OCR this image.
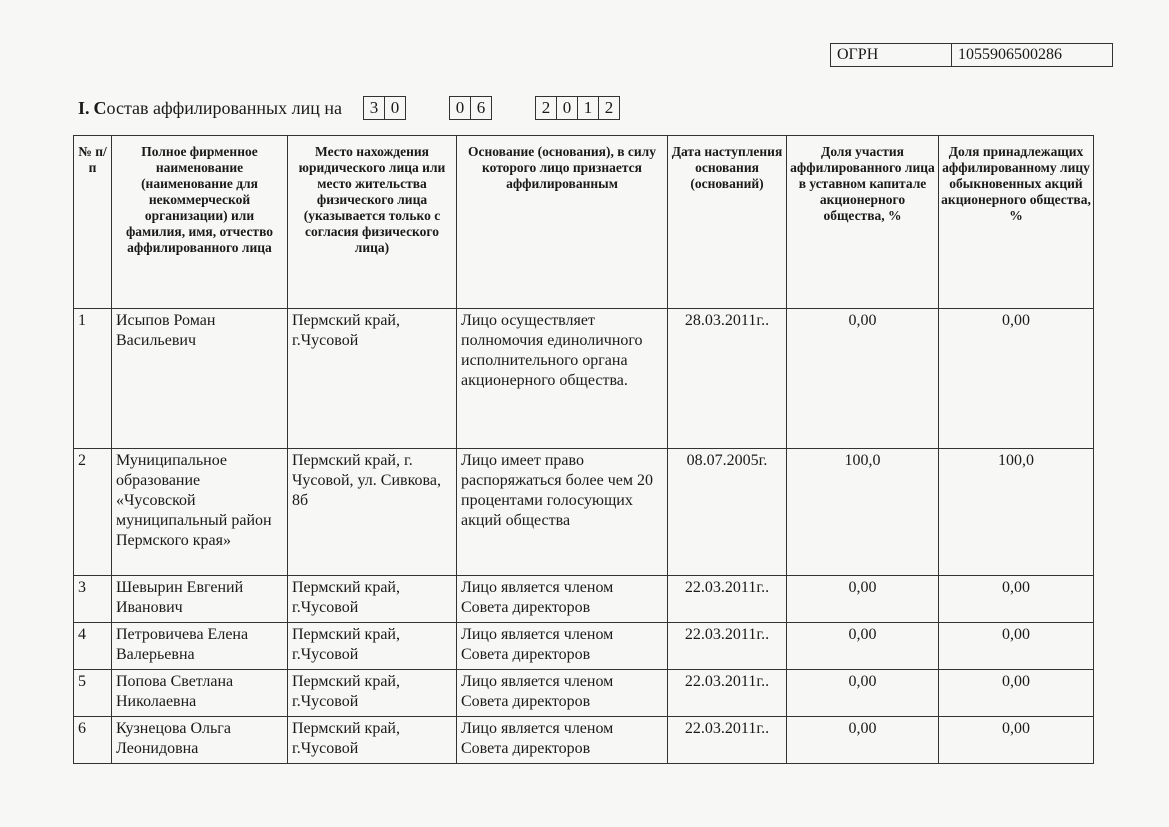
ОГРН	1055906500286
I. С остав аффилированных лиц на	3 0	0 6	2 0 1 2
№ п/п	Полное фирменное наименование (наименование для некоммерческой организации) или фамилия, имя, отчество аффилированного лица	Место нахождения юридического лица или место жительства физического лица (указывается только с согласия физического лица)	Основание (основания), в силу которого лицо признается аффилированным	Дата наступления основания (оснований)	Доля участия аффилированного лица в уставном капитале акционерного общества, %	Доля принадлежащих аффилированному лицу обыкновенных акций акционерного общества, %
1	Исыпов Роман Васильевич	Пермский край, г.Чусовой	Лицо осуществляет полномочия единоличного исполнительного органа акционерного общества.	28.03.2011г..	0,00	0,00
2	Муниципальное образование «Чусовской муниципальный район Пермского края»	Пермский край, г. Чусовой, ул. Сивкова, 8б	Лицо имеет право распоряжаться более чем 20 процентами голосующих акций общества	08.07.2005г.	100,0	100,0
3	Шевырин Евгений Иванович	Пермский край, г.Чусовой	Лицо является членом Совета директоров	22.03.2011г..	0,00	0,00
4	Петровичева Елена Валерьевна	Пермский край, г.Чусовой	Лицо является членом Совета директоров	22.03.2011г..	0,00	0,00
5	Попова Светлана Николаевна	Пермский край, г.Чусовой	Лицо является членом Совета директоров	22.03.2011г..	0,00	0,00
6	Кузнецова Ольга Леонидовна	Пермский край, г.Чусовой	Лицо является членом Совета директоров	22.03.2011г..	0,00	0,00
